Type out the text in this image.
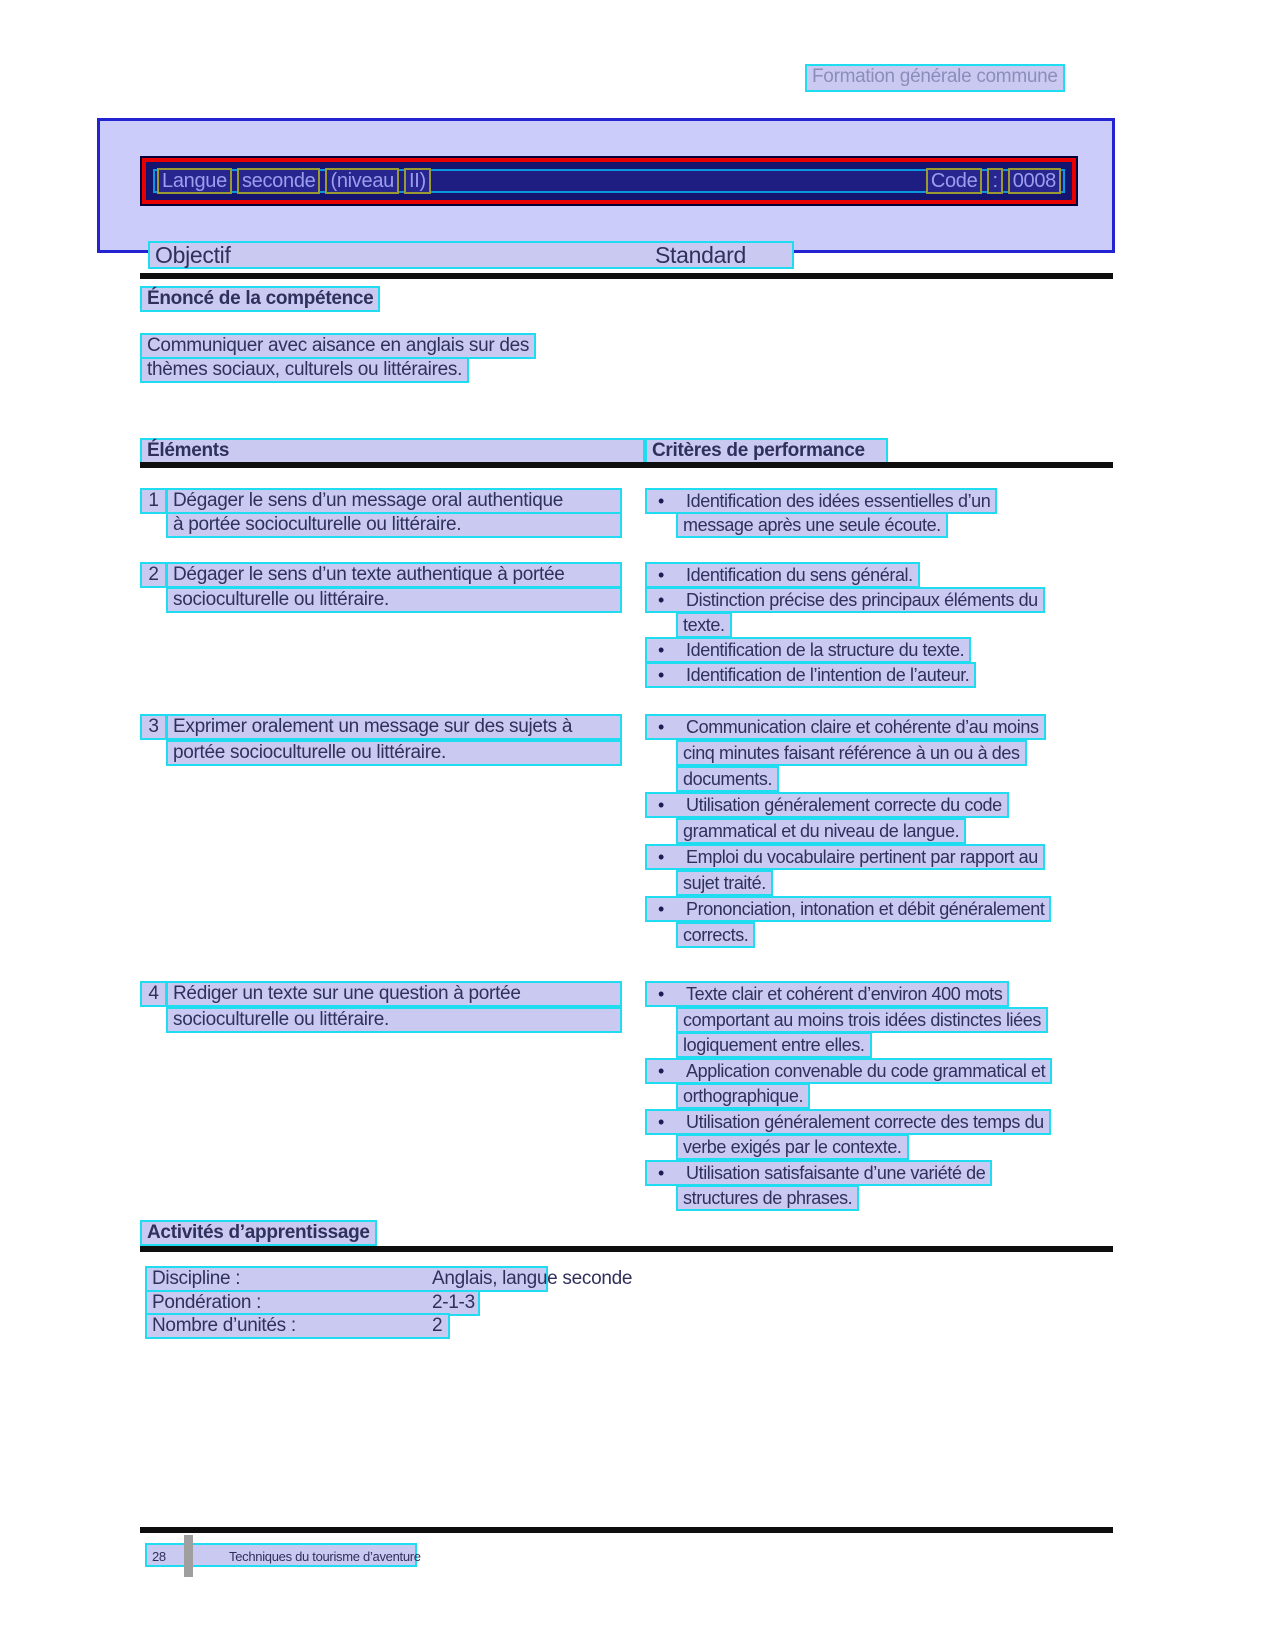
Formation générale commune
Langue seconde (niveau II)	Code : 0008
Objectif	Standard
Énoncé de la compétence
Communiquer avec aisance en anglais sur des
thèmes sociaux, culturels ou littéraires.
Éléments	Critères de performance
1 Dégager le sens d’un message oral authentique
à portée socioculturelle ou littéraire.
• Identification des idées essentielles d’un
message après une seule écoute.
2 Dégager le sens d’un texte authentique à portée
socioculturelle ou littéraire.
• Identification du sens général.
• Distinction précise des principaux éléments du
texte.
• Identification de la structure du texte.
• Identification de l’intention de l’auteur.
3 Exprimer oralement un message sur des sujets à
portée socioculturelle ou littéraire.
• Communication claire et cohérente d’au moins
cinq minutes faisant référence à un ou à des
documents.
• Utilisation généralement correcte du code
grammatical et du niveau de langue.
• Emploi du vocabulaire pertinent par rapport au
sujet traité.
• Prononciation, intonation et débit généralement
corrects.
4 Rédiger un texte sur une question à portée
socioculturelle ou littéraire.
• Texte clair et cohérent d’environ 400 mots
comportant au moins trois idées distinctes liées
logiquement entre elles.
• Application convenable du code grammatical et
orthographique.
• Utilisation généralement correcte des temps du
verbe exigés par le contexte.
• Utilisation satisfaisante d’une variété de
structures de phrases.
Activités d’apprentissage
Discipline :	Anglais, langue seconde
Pondération :	2-1-3
Nombre d’unités :	2
28	Techniques du tourisme d’aventure
